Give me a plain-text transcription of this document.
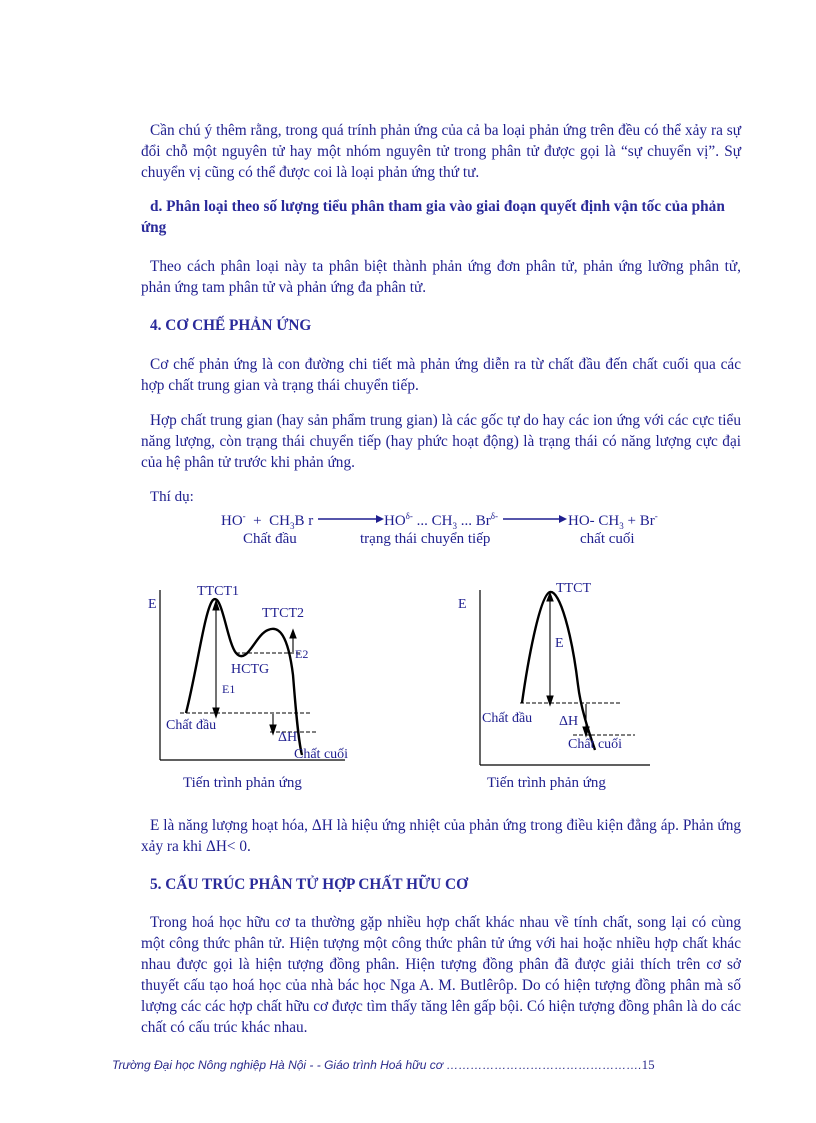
Cần chú ý thêm rằng, trong quá trính phản ứng của cả ba loại phản ứng trên đều có thể xảy ra sự đổi chỗ một nguyên tử hay một nhóm nguyên tử trong phân tử được gọi là “sự chuyển vị”. Sự chuyển vị cũng có thể được coi là loại phản ứng thứ tư.

d. Phân loại theo số lượng tiểu phân tham gia vào giai đoạn quyết định vận tốc của phản ứng

Theo cách phân loại này ta phân biệt thành phản ứng đơn phân tử, phản ứng lưỡng phân tử, phản ứng tam phân tử và phản ứng đa phân tử.

4. CƠ CHẾ PHẢN ỨNG

Cơ chế phản ứng là con đường chi tiết mà phản ứng diễn ra từ chất đầu đến chất cuối qua các hợp chất trung gian và trạng thái chuyển tiếp.

Hợp chất trung gian (hay sản phẩm trung gian) là các gốc tự do hay các ion ứng với các cực tiểu năng lượng, còn trạng thái chuyển tiếp (hay phức hoạt động) là trạng thái có năng lượng cực đại của hệ phân tử trước khi phản ứng.

Thí dụ:
$HO^- + CH_3B$ r	$HO^{\delta-}$ ... $CH_3$ ... $Br^{\delta-}$	HO- $CH_3 + Br^-$
Chất đầu	trạng thái chuyển tiếp	chất cuối
E
TTCT1
TTCT2
HCTG
E2
E1
Chất đầu
ΔH
Chất cuối
Tiến trình phản ứng
E
TTCT
E
Chất đầu ΔH
Chất cuối
Tiến trình phản ứng

E là năng lượng hoạt hóa, ΔH là hiệu ứng nhiệt của phản ứng trong điều kiện đẳng áp. Phản ứng xảy ra khi ΔH< 0.

5. CẤU TRÚC PHÂN TỬ HỢP CHẤT HỮU CƠ

Trong hoá học hữu cơ ta thường gặp nhiều hợp chất khác nhau về tính chất, song lại có cùng một công thức phân tử. Hiện tượng một công thức phân tử ứng với hai hoặc nhiều hợp chất khác nhau được gọi là hiện tượng đồng phân. Hiện tượng đồng phân đã được giải thích trên cơ sở thuyết cấu tạo hoá học của nhà bác học Nga A. M. Butlêrôp. Do có hiện tượng đồng phân mà số lượng các các hợp chất hữu cơ được tìm thấy tăng lên gấp bội. Có hiện tượng đồng phân là do các chất có cấu trúc khác nhau.

Trường Đại học Nông nghiệp Hà Nội - - Giáo trình Hoá hữu cơ ………………………………………….15
